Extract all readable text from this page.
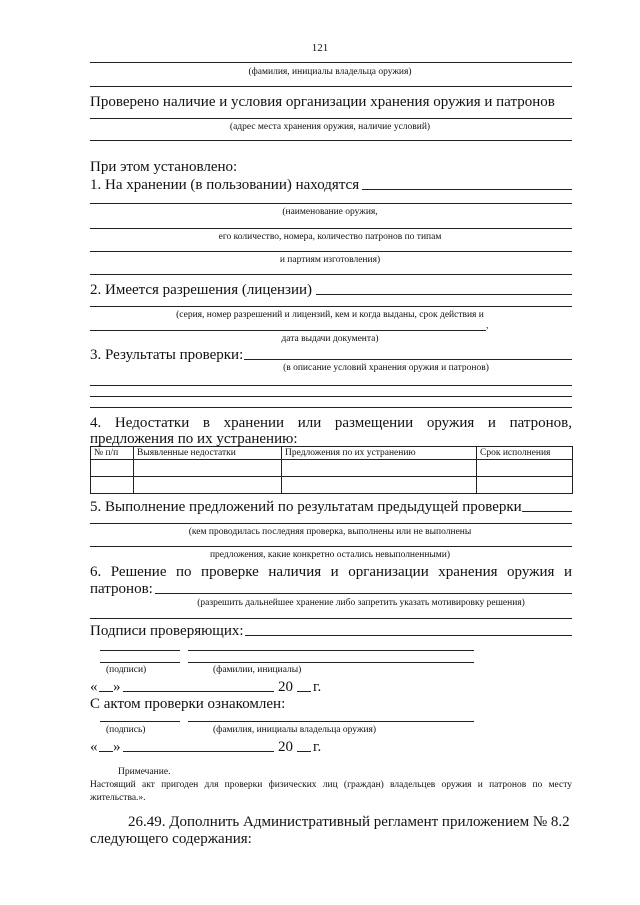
121
(фамилия, инициалы владельца оружия)
Проверено наличие и условия организации хранения оружия и патронов
(адрес места хранения оружия, наличие условий)
При этом установлено:
1. На хранении (в пользовании) находятся
(наименование оружия,
его количество, номера, количество патронов по типам
и партиям изготовления)
2. Имеется разрешения (лицензии)
(серия, номер разрешений и лицензий, кем и когда выданы, срок действия и
,
дата выдачи документа)
3. Результаты проверки:
(в описание условий хранения оружия и патронов)
4. Недостатки в хранении или размещении оружия и патронов,
предложения по их устранению:
№ п/п	Выявленные недостатки	Предложения по их устранению	Срок исполнения

5. Выполнение предложений по результатам предыдущей проверки
(кем проводилась последняя проверка, выполнены или не выполнены
предложения, какие конкретно остались невыполненными)
6. Решение по проверке наличия и организации хранения оружия и
патронов:
(разрешить дальнейшее хранение либо запретить указать мотивировку решения)
Подписи проверяющих:
(подписи)	(фамилии, инициалы)
« »	20 г.
С актом проверки ознакомлен:
(подпись)	(фамилия, инициалы владельца оружия)
« »	20 г.
Примечание.
Настоящий акт пригоден для проверки физических лиц (граждан) владельцев оружия и патронов по месту жительства.».
26.49. Дополнить Административный регламент приложением № 8.2
следующего содержания:
